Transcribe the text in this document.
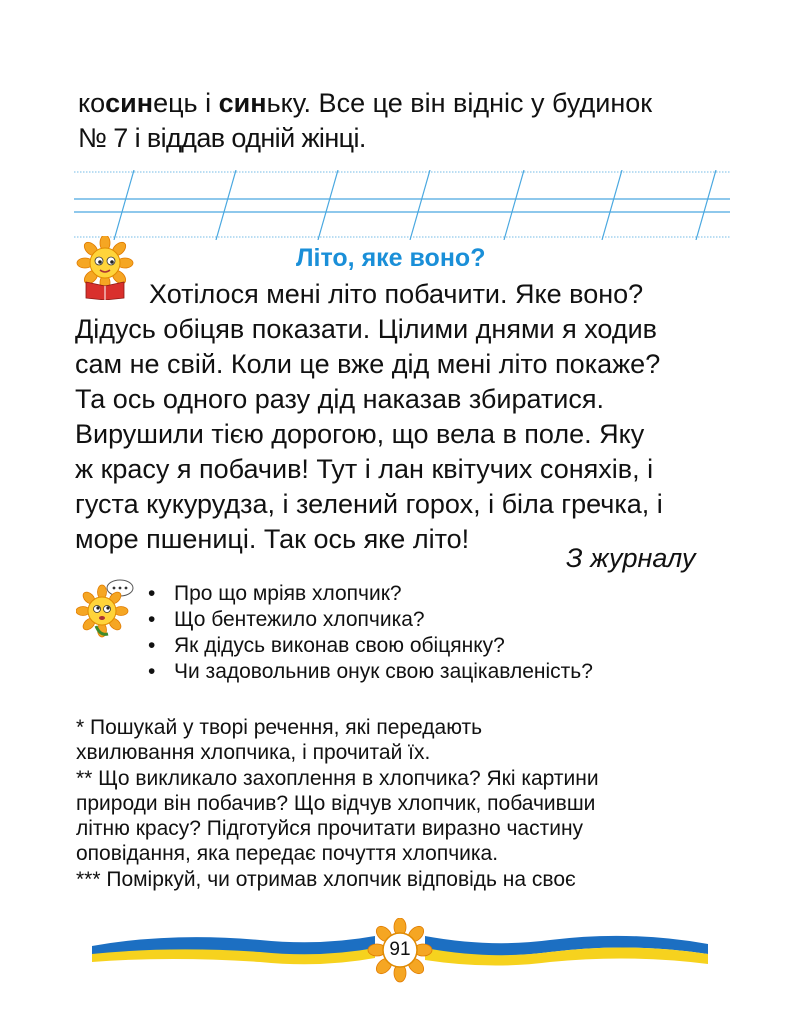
косинець і синьку. Все це він відніс у будинок
№ 7 і віддав одній жінці.
Літо, яке воно?
Хотілося мені літо побачити. Яке воно?
Дідусь обіцяв показати. Цілими днями я ходив
сам не свій. Коли це вже дід мені літо покаже?
Та ось одного разу дід наказав збиратися.
Вирушили тією дорогою, що вела в поле. Яку
ж красу я побачив! Тут і лан квітучих соняхів, і
густа кукурудза, і зелений горох, і біла гречка, і
море пшениці. Так ось яке літо!
З журналу
• Про що мріяв хлопчик?
• Що бентежило хлопчика?
• Як дідусь виконав свою обіцянку?
• Чи задовольнив онук свою зацікавленість?
* Пошукай у творі речення, які передають
хвилювання хлопчика, і прочитай їх.
** Що викликало захоплення в хлопчика? Які картини
природи він побачив? Що відчув хлопчик, побачивши
літню красу? Підготуйся прочитати виразно частину
оповідання, яка передає почуття хлопчика.
*** Поміркуй, чи отримав хлопчик відповідь на своє
91
